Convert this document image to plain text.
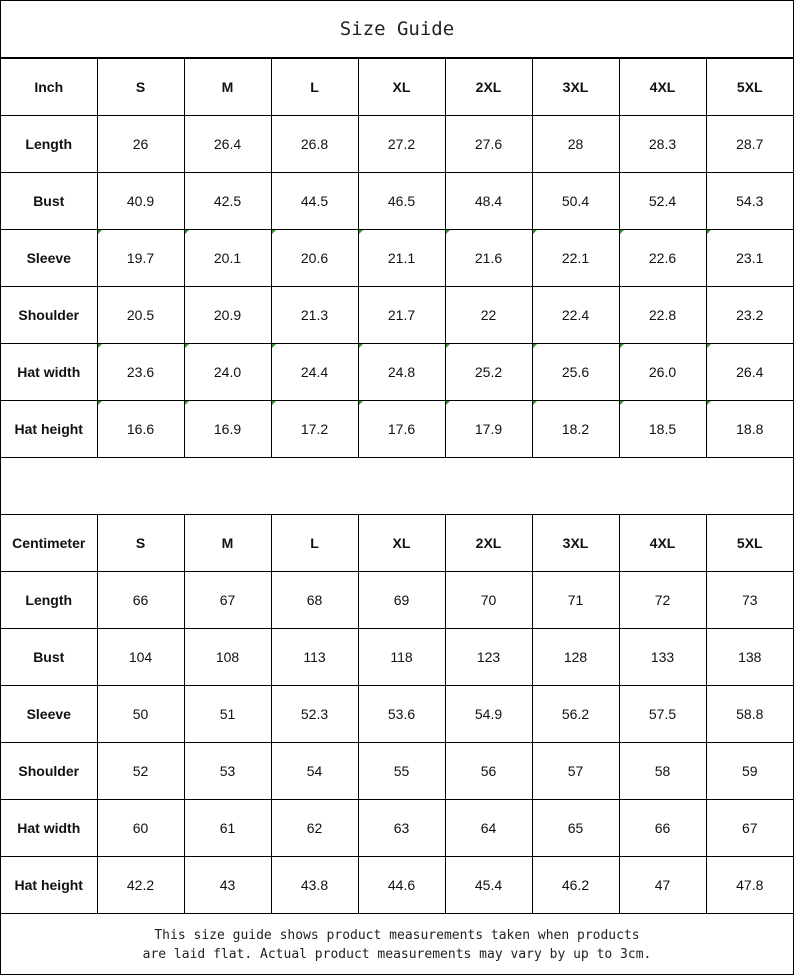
Size Guide
Inch	S	M	L	XL	2XL	3XL	4XL	5XL
Length	26	26.4	26.8	27.2	27.6	28	28.3	28.7
Bust	40.9	42.5	44.5	46.5	48.4	50.4	52.4	54.3
Sleeve	19.7	20.1	20.6	21.1	21.6	22.1	22.6	23.1
Shoulder	20.5	20.9	21.3	21.7	22	22.4	22.8	23.2
Hat width	23.6	24.0	24.4	24.8	25.2	25.6	26.0	26.4
Hat height	16.6	16.9	17.2	17.6	17.9	18.2	18.5	18.8
Centimeter	S	M	L	XL	2XL	3XL	4XL	5XL
Length	66	67	68	69	70	71	72	73
Bust	104	108	113	118	123	128	133	138
Sleeve	50	51	52.3	53.6	54.9	56.2	57.5	58.8
Shoulder	52	53	54	55	56	57	58	59
Hat width	60	61	62	63	64	65	66	67
Hat height	42.2	43	43.8	44.6	45.4	46.2	47	47.8
This size guide shows product measurements taken when products
are laid flat. Actual product measurements may vary by up to 3cm.
